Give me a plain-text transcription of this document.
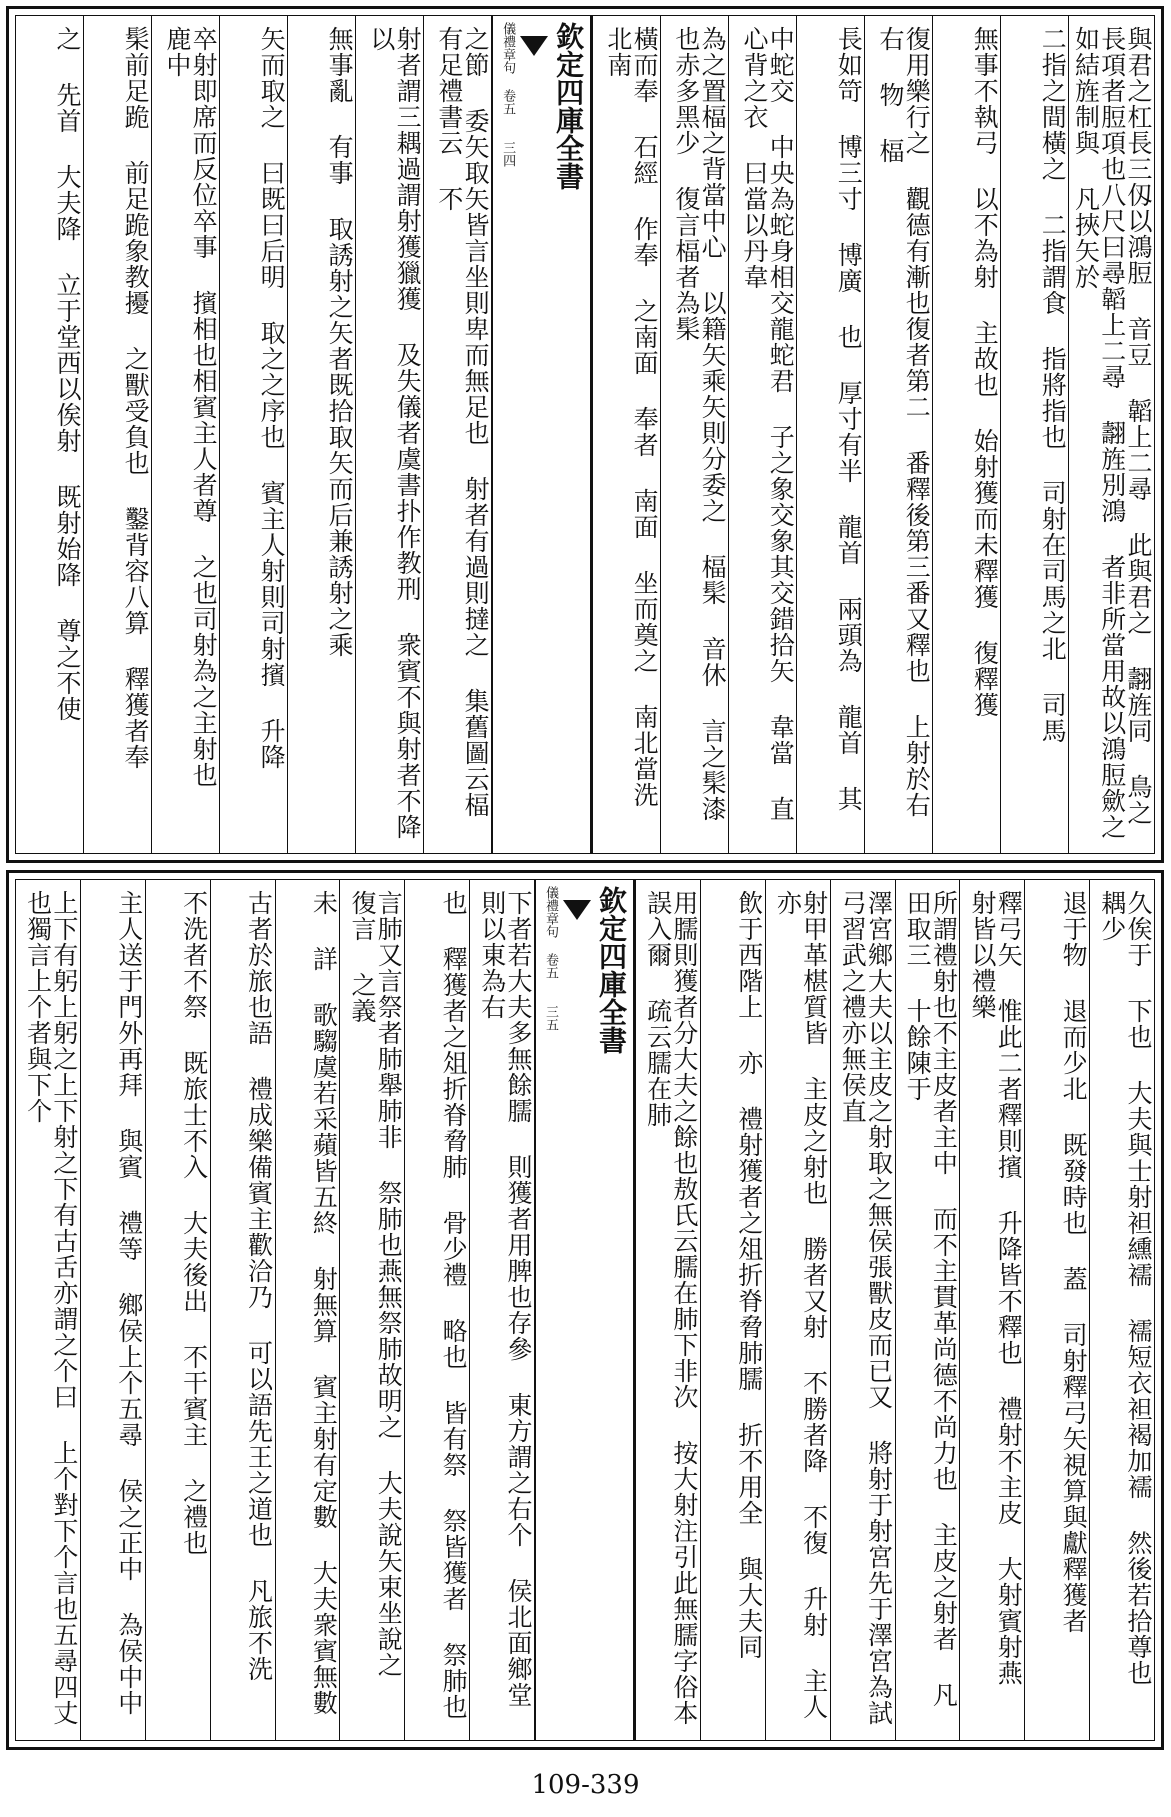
與君之杠長三仭以鴻脰 音豆 韜上二尋 此與君之 翿旌同 鳥之長項者脰項也八尺曰尋韜上二尋 翿旌別鴻 者非所當用故以鴻脰歛之如結旌制與 凡挾矢於
二指之間橫之 二指謂食 指將指也 司射在司馬之北 司馬
無事不執弓 以不為射 主故也 始射獲而未釋獲 復釋獲
復用樂行之 觀德有漸也復者第二 番釋後第三番又釋也 上射於右 右 物 楅
長如笴 博三寸 博廣 也 厚寸有半 龍首 兩頭為 龍首 其
中蛇交 中央為蛇身相交龍蛇君 子之象交象其交錯拾矢 韋當 直心背之衣 曰當以丹韋
為之置楅之背當中心 以籍矢乘矢則分委之 楅髤 音休 言之髤漆也赤多黑少 復言楅者為髤
橫而奉 石經 作奉 之南面 奉者 南面 坐而奠之 南北當洗 北南
欽定四庫全書
儀禮章句 卷五　　三四
之節 委矢取矢皆言坐則卑而無足也 射者有過則撻之 集舊圖云楅有足禮書云 不
射者謂三耦過謂射獲獵獲 及失儀者虞書扑作教刑 衆賓不與射者不降 以
無事亂 有事 取誘射之矢者既拾取矢而后兼誘射之乘
矢而取之 曰既曰后明 取之之序也 賓主人射則司射擯 升降
卒射即席而反位卒事 擯相也相賓主人者尊 之也司射為之主射也 鹿中
髤前足跪 前足跪象教擾 之獸受負也 鑿背容八算 釋獲者奉
之 先首 大夫降 立于堂西以俟射 既射始降 尊之不使
久俟于 下也 大夫與士射袒纁襦 襦短衣袒褐加襦 然後若拾尊也 耦少
退于物 退而少北 既發時也 蓋 司射釋弓矢視算與獻釋獲者
釋弓矢 惟此二者釋則擯 升降皆不釋也 禮射不主皮 大射賓射燕 射皆以禮樂
所謂禮射也不主皮者主中 而不主貫革尚德不尚力也 主皮之射者 凡田取三 十餘陳于
澤宮鄉大夫以主皮之射取之無侯張獸皮而已又 將射于射宮先于澤宮為試弓習武之禮亦無侯直
射甲革椹質皆 主皮之射也 勝者又射 不勝者降 不復 升射 主人亦
飲于西階上 亦 禮射獲者之俎折脊脅肺臑 折不用全 與大夫同
用臑則獲者分大夫之餘也敖氏云臑在肺下非次 按大射注引此無臑字俗本誤入爾 疏云臑在肺
欽定四庫全書
儀禮章句 卷五　　三五
下者若大夫多無餘臑 則獲者用脾也存參 東方謂之右个 侯北面鄉堂 則以東為右
也 釋獲者之俎折脊脅肺 骨少禮 略也 皆有祭 祭皆獲者 祭肺也
言肺又言祭者肺舉肺非 祭肺也燕無祭肺故明之 大夫說矢束坐說之 復言 之義
未 詳 歌騶虞若采蘋皆五終 射無算 賓主射有定數 大夫衆賓無數
古者於旅也語 禮成樂備賓主歡洽乃 可以語先王之道也 凡旅不洗
不洗者不祭 既旅士不入 大夫後出 不干賓主 之禮也
主人送于門外再拜 與賓 禮等 鄉侯上个五尋 侯之正中 為侯中中
上下有躬上躬之上下射之下有古舌亦謂之个曰 上个對下个言也五尋四丈也獨言上个者與下个
109-339
